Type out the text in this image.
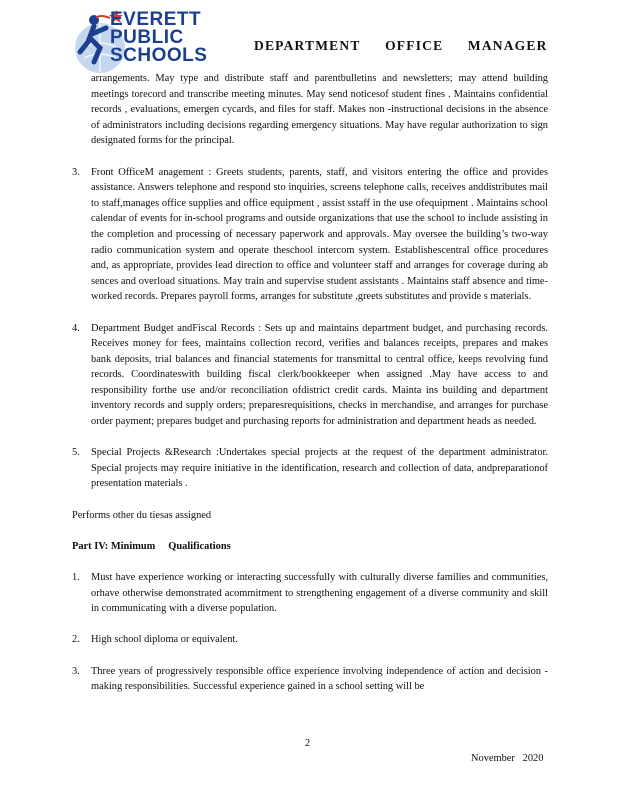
EVERETT
PUBLIC
SCHOOLS	DEPARTMENT OFFICE MANAGER
arrangements. May type and distribute staff and parentbulletins and newsletters; may attend building meetings torecord and transcribe meeting minutes. May send noticesof student fines . Maintains confidential records , evaluations, emergen cycards, and files for staff. Makes non -instructional decisions in the absence of administrators including decisions regarding emergency situations. May have regular authorization to sign designated forms for the principal.
3.	Front OfficeM anagement : Greets students, parents, staff, and visitors entering the office and provides assistance. Answers telephone and respond sto inquiries, screens telephone calls, receives anddistributes mail to staff,manages office supplies and office equipment , assist sstaff in the use ofequipment . Maintains school calendar of events for in-school programs and outside organizations that use the school to include assisting in the completion and processing of necessary paperwork and approvals. May oversee the building’s two-way radio communication system and operate theschool intercom system. Establishescentral office procedures and, as appropriate, provides lead direction to office and volunteer staff and arranges for coverage during ab sences and overload situations. May train and supervise student assistants . Maintains staff absence and time-worked records. Prepares payroll forms, arranges for substitute ,greets substitutes and provide s materials.
4.	Department Budget andFiscal Records : Sets up and maintains department budget, and purchasing records. Receives money for fees, maintains collection record, verifies and balances receipts, prepares and makes bank deposits, trial balances and financial statements for transmittal to central office, keeps revolving fund records. Coordinateswith building fiscal clerk/bookkeeper when assigned .May have access to and responsibility forthe use and/or reconciliation ofdistrict credit cards. Mainta ins building and department inventory records and supply orders; preparesrequisitions, checks in merchandise, and arranges for purchase order payment; prepares budget and purchasing reports for administration and department heads as needed.
5.	Special Projects &Research :Undertakes special projects at the request of the department administrator. Special projects may require initiative in the identification, research and collection of data, andpreparationof presentation materials .
Performs other du tiesas assigned
Part IV: Minimum     Qualifications
1.	Must have experience working or interacting successfully with culturally diverse families and communities, orhave otherwise demonstrated acommitment to strengthening engagement of a diverse community and skill in communicating with a diverse population.
2.	High school diploma or equivalent.
3.	Three years of progressively responsible office experience involving independence of action and decision -making responsibilities. Successful experience gained in a school setting will be
2
November   2020
